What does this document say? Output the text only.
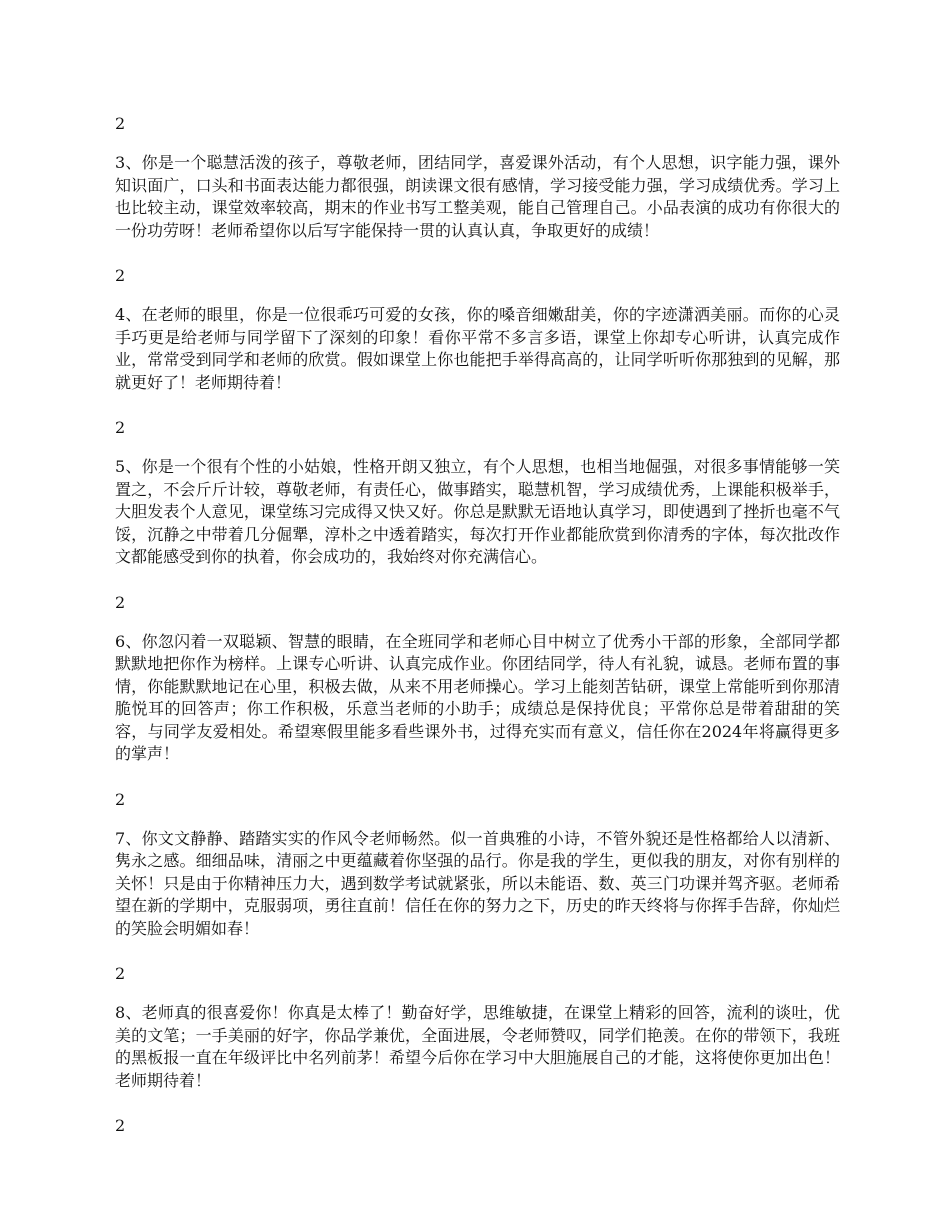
2

3、你是一个聪慧活泼的孩子，尊敬老师，团结同学，喜爱课外活动，有个人思想，识字能力强，课外知识面广，口头和书面表达能力都很强，朗读课文很有感情，学习接受能力强，学习成绩优秀。学习上也比较主动，课堂效率较高，期末的作业书写工整美观，能自己管理自己。小品表演的成功有你很大的一份功劳呀！老师希望你以后写字能保持一贯的认真认真，争取更好的成绩！

2

4、在老师的眼里，你是一位很乖巧可爱的女孩，你的嗓音细嫩甜美，你的字迹潇洒美丽。而你的心灵手巧更是给老师与同学留下了深刻的印象！看你平常不多言多语，课堂上你却专心听讲，认真完成作业，常常受到同学和老师的欣赏。假如课堂上你也能把手举得高高的，让同学听听你那独到的见解，那就更好了！老师期待着！

2

5、你是一个很有个性的小姑娘，性格开朗又独立，有个人思想，也相当地倔强，对很多事情能够一笑置之，不会斤斤计较，尊敬老师，有责任心，做事踏实，聪慧机智，学习成绩优秀，上课能积极举手，大胆发表个人意见，课堂练习完成得又快又好。你总是默默无语地认真学习，即使遇到了挫折也毫不气馁，沉静之中带着几分倔犟，淳朴之中透着踏实，每次打开作业都能欣赏到你清秀的字体，每次批改作文都能感受到你的执着，你会成功的，我始终对你充满信心。

2

6、你忽闪着一双聪颖、智慧的眼睛，在全班同学和老师心目中树立了优秀小干部的形象，全部同学都默默地把你作为榜样。上课专心听讲、认真完成作业。你团结同学，待人有礼貌，诚恳。老师布置的事情，你能默默地记在心里，积极去做，从来不用老师操心。学习上能刻苦钻研，课堂上常能听到你那清脆悦耳的回答声；你工作积极，乐意当老师的小助手；成绩总是保持优良；平常你总是带着甜甜的笑容，与同学友爱相处。希望寒假里能多看些课外书，过得充实而有意义，信任你在2024年将赢得更多的掌声！

2

7、你文文静静、踏踏实实的作风令老师畅然。似一首典雅的小诗，不管外貌还是性格都给人以清新、隽永之感。细细品味，清丽之中更蕴藏着你坚强的品行。你是我的学生，更似我的朋友，对你有别样的关怀！只是由于你精神压力大，遇到数学考试就紧张，所以未能语、数、英三门功课并驾齐驱。老师希望在新的学期中，克服弱项，勇往直前！信任在你的努力之下，历史的昨天终将与你挥手告辞，你灿烂的笑脸会明媚如春！

2

8、老师真的很喜爱你！你真是太棒了！勤奋好学，思维敏捷，在课堂上精彩的回答，流利的谈吐，优美的文笔；一手美丽的好字，你品学兼优，全面进展，令老师赞叹，同学们艳羡。在你的带领下，我班的黑板报一直在年级评比中名列前茅！希望今后你在学习中大胆施展自己的才能，这将使你更加出色！老师期待着！

2
